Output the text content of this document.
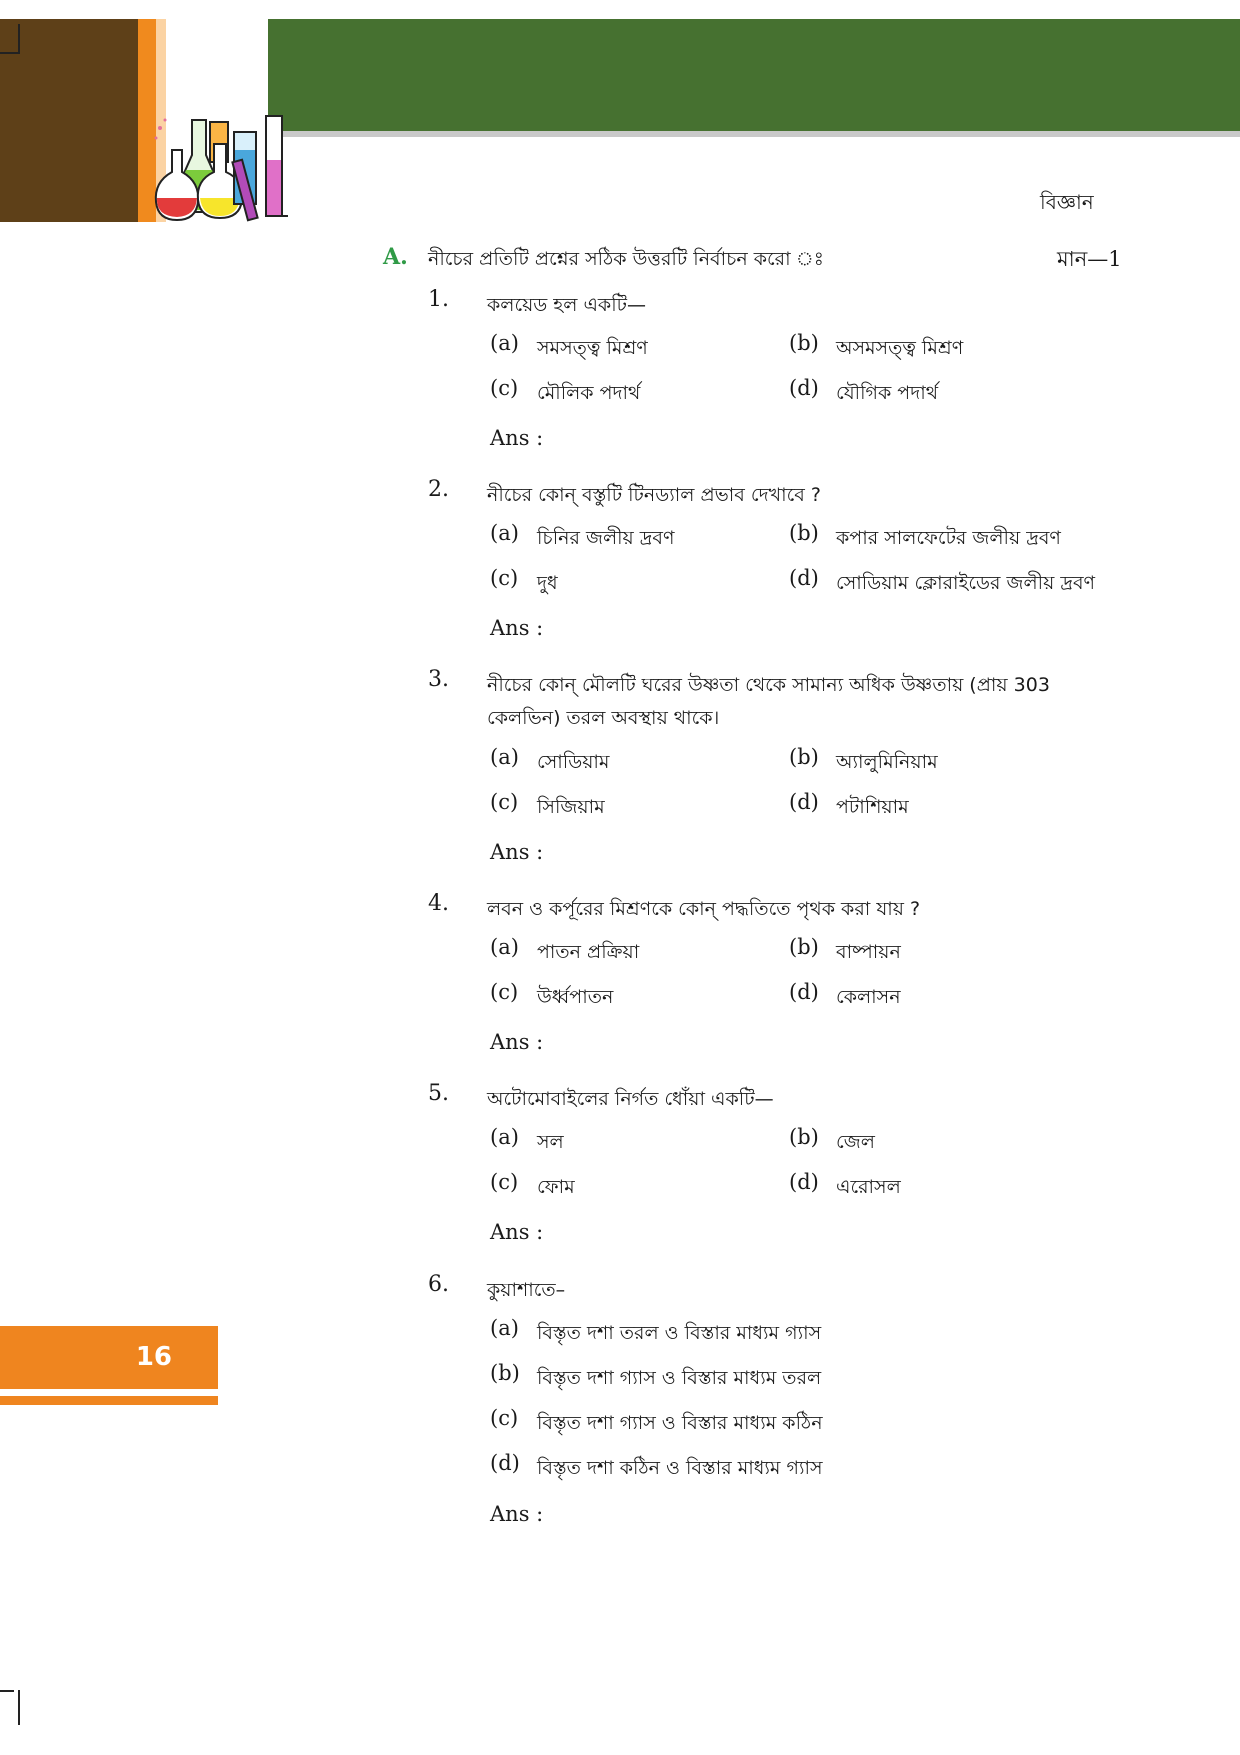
বিজ্ঞান
A. নীচের প্রতিটি প্রশ্নের সঠিক উত্তরটি নির্বাচন করো ঃ	মান—1
1. কলয়েড হল একটি—
(a) সমসত্ত্ব মিশ্রণ	(b) অসমসত্ত্ব মিশ্রণ
(c) মৌলিক পদার্থ	(d) যৌগিক পদার্থ
Ans :
2. নীচের কোন্ বস্তুটি টিনড্যাল প্রভাব দেখাবে ?
(a) চিনির জলীয় দ্রবণ	(b) কপার সালফেটের জলীয় দ্রবণ
(c) দুধ	(d) সোডিয়াম ক্লোরাইডের জলীয় দ্রবণ
Ans :
3. নীচের কোন্ মৌলটি ঘরের উষ্ণতা থেকে সামান্য অধিক উষ্ণতায় (প্রায় 303 কেলভিন) তরল অবস্থায় থাকে।
(a) সোডিয়াম	(b) অ্যালুমিনিয়াম
(c) সিজিয়াম	(d) পটাশিয়াম
Ans :
4. লবন ও কর্পূরের মিশ্রণকে কোন্ পদ্ধতিতে পৃথক করা যায় ?
(a) পাতন প্রক্রিয়া	(b) বাষ্পায়ন
(c) উর্ধ্বপাতন	(d) কেলাসন
Ans :
5. অটোমোবাইলের নির্গত ধোঁয়া একটি—
(a) সল	(b) জেল
(c) ফোম	(d) এরোসল
Ans :
6. কুয়াশাতে–
(a) বিস্তৃত দশা তরল ও বিস্তার মাধ্যম গ্যাস
(b) বিস্তৃত দশা গ্যাস ও বিস্তার মাধ্যম তরল
(c) বিস্তৃত দশা গ্যাস ও বিস্তার মাধ্যম কঠিন
(d) বিস্তৃত দশা কঠিন ও বিস্তার মাধ্যম গ্যাস
Ans :
16
